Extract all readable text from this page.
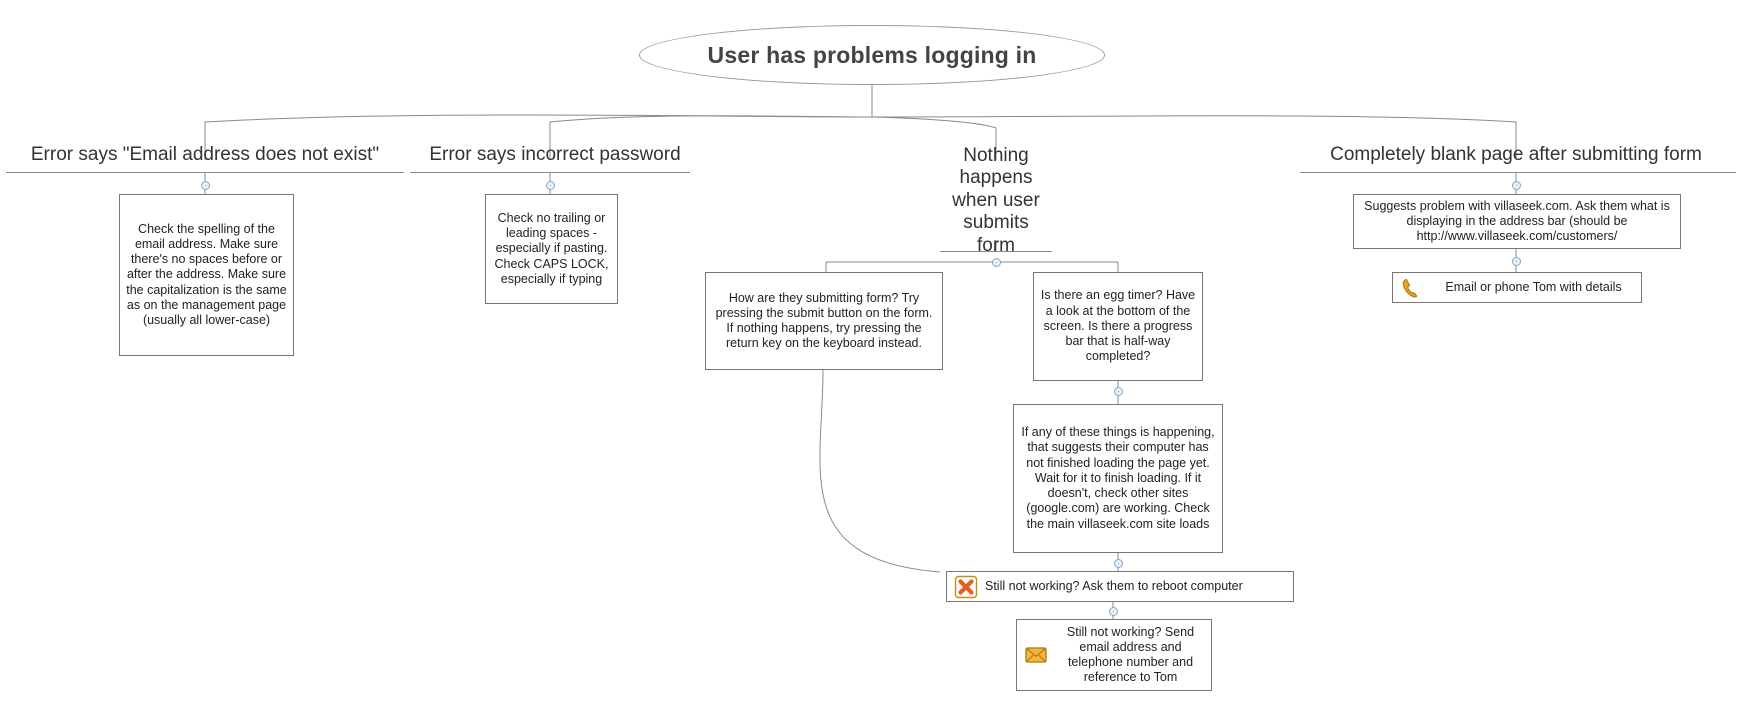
User has problems logging in
Error says "Email address does not exist"
Check the spelling of the email address. Make sure there's no spaces before or after the address. Make sure the capitalization is the same as on the management page (usually all lower-case)
Error says incorrect password
Check no trailing or leading spaces - especially if pasting. Check CAPS LOCK, especially if typing
Nothing happens when user submits form
How are they submitting form? Try pressing the submit button on the form. If nothing happens, try pressing the return key on the keyboard instead.
Is there an egg timer? Have a look at the bottom of the screen. Is there a progress bar that is half-way completed?
If any of these things is happening, that suggests their computer has not finished loading the page yet. Wait for it to finish loading. If it doesn't, check other sites (google.com) are working. Check the main villaseek.com site loads
Still not working? Ask them to reboot computer
Still not working? Send email address and telephone number and reference to Tom
Completely blank page after submitting form
Suggests problem with villaseek.com. Ask them what is displaying in the address bar (should be http://www.villaseek.com/customers/
Email or phone Tom with details
